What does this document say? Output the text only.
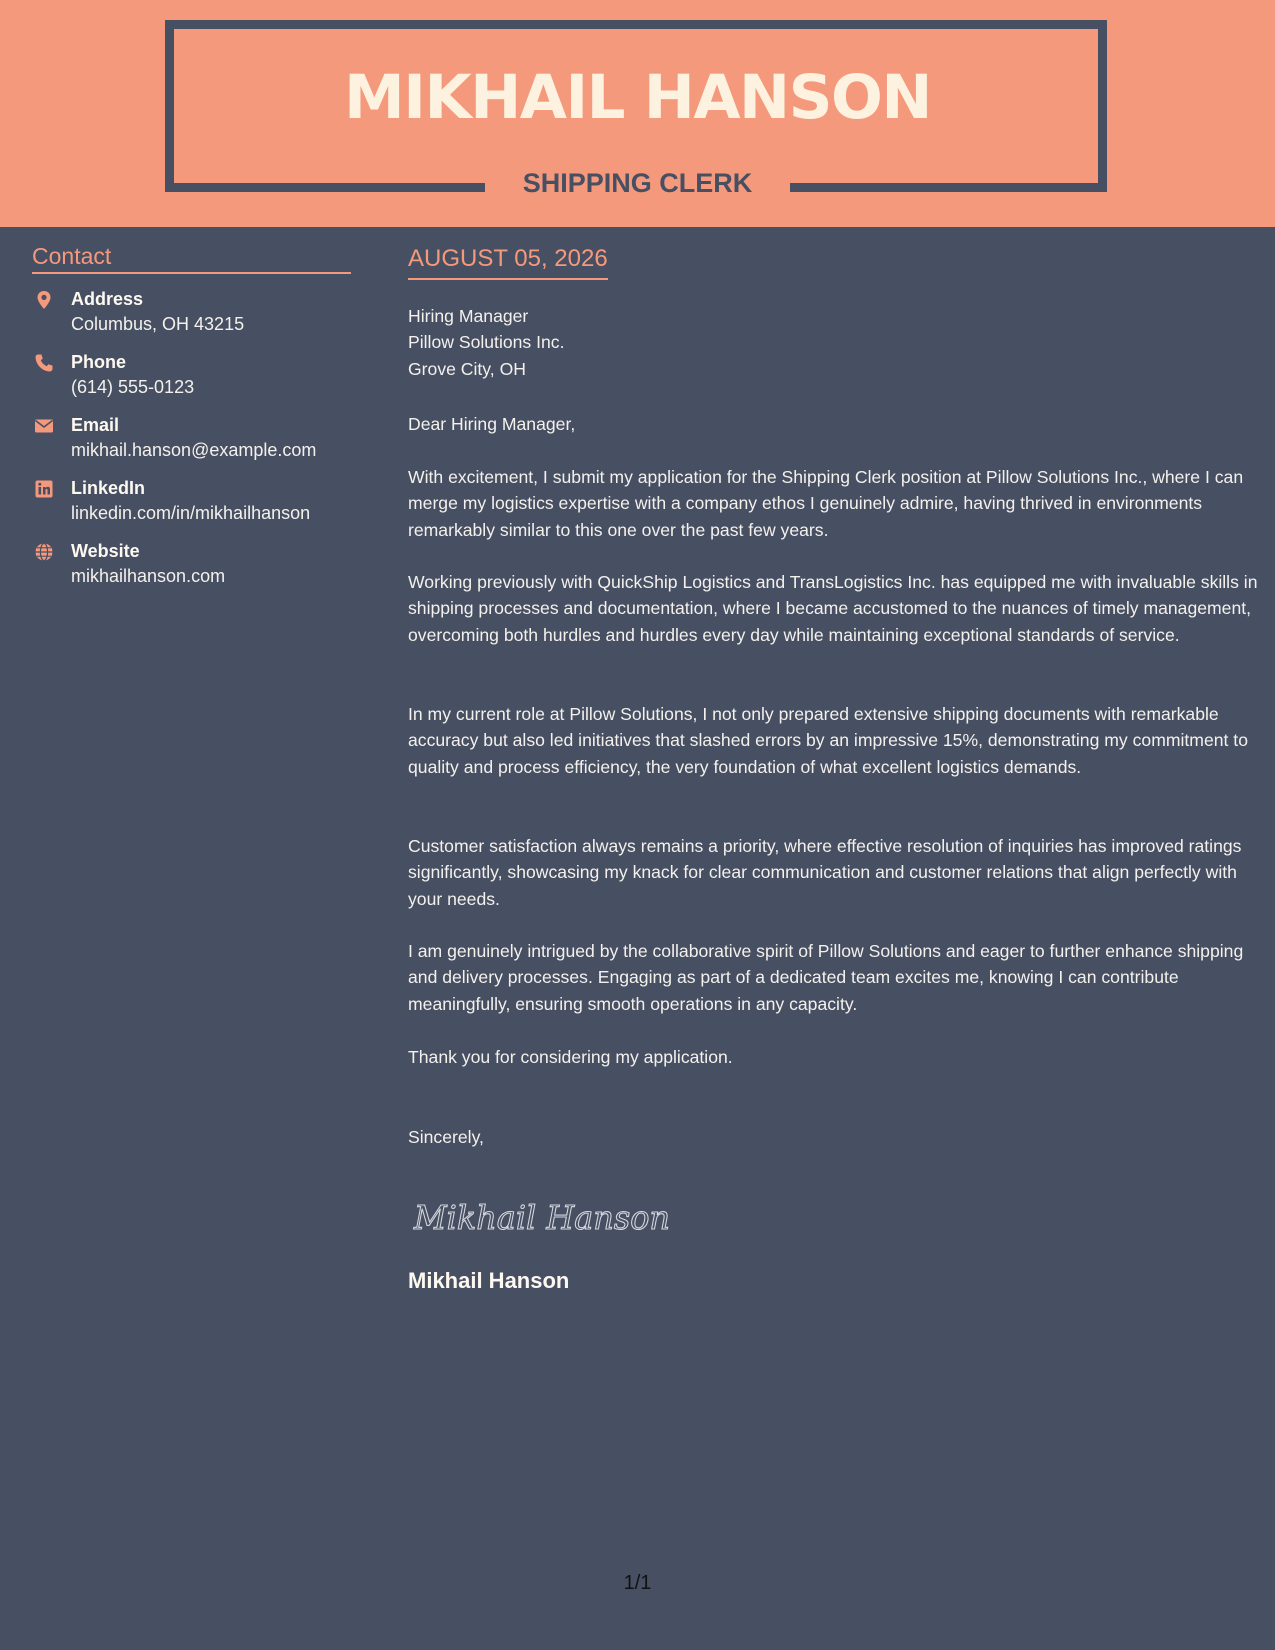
MIKHAIL HANSON
SHIPPING CLERK
Contact
Address
Columbus, OH 43215
Phone
(614) 555-0123
Email
mikhail.hanson@example.com
LinkedIn
linkedin.com/in/mikhailhanson
Website
mikhailhanson.com
AUGUST 05, 2026
Hiring Manager
Pillow Solutions Inc.
Grove City, OH
Dear Hiring Manager,
With excitement, I submit my application for the Shipping Clerk position at Pillow Solutions Inc., where I can merge my logistics expertise with a company ethos I genuinely admire, having thrived in environments remarkably similar to this one over the past few years.
Working previously with QuickShip Logistics and TransLogistics Inc. has equipped me with invaluable skills in shipping processes and documentation, where I became accustomed to the nuances of timely management, overcoming both hurdles and hurdles every day while maintaining exceptional standards of service.
In my current role at Pillow Solutions, I not only prepared extensive shipping documents with remarkable accuracy but also led initiatives that slashed errors by an impressive 15%, demonstrating my commitment to quality and process efficiency, the very foundation of what excellent logistics demands.
Customer satisfaction always remains a priority, where effective resolution of inquiries has improved ratings significantly, showcasing my knack for clear communication and customer relations that align perfectly with your needs.
I am genuinely intrigued by the collaborative spirit of Pillow Solutions and eager to further enhance shipping and delivery processes. Engaging as part of a dedicated team excites me, knowing I can contribute meaningfully, ensuring smooth operations in any capacity.
Thank you for considering my application.
Sincerely,
Mikhail Hanson
Mikhail Hanson
1/1
